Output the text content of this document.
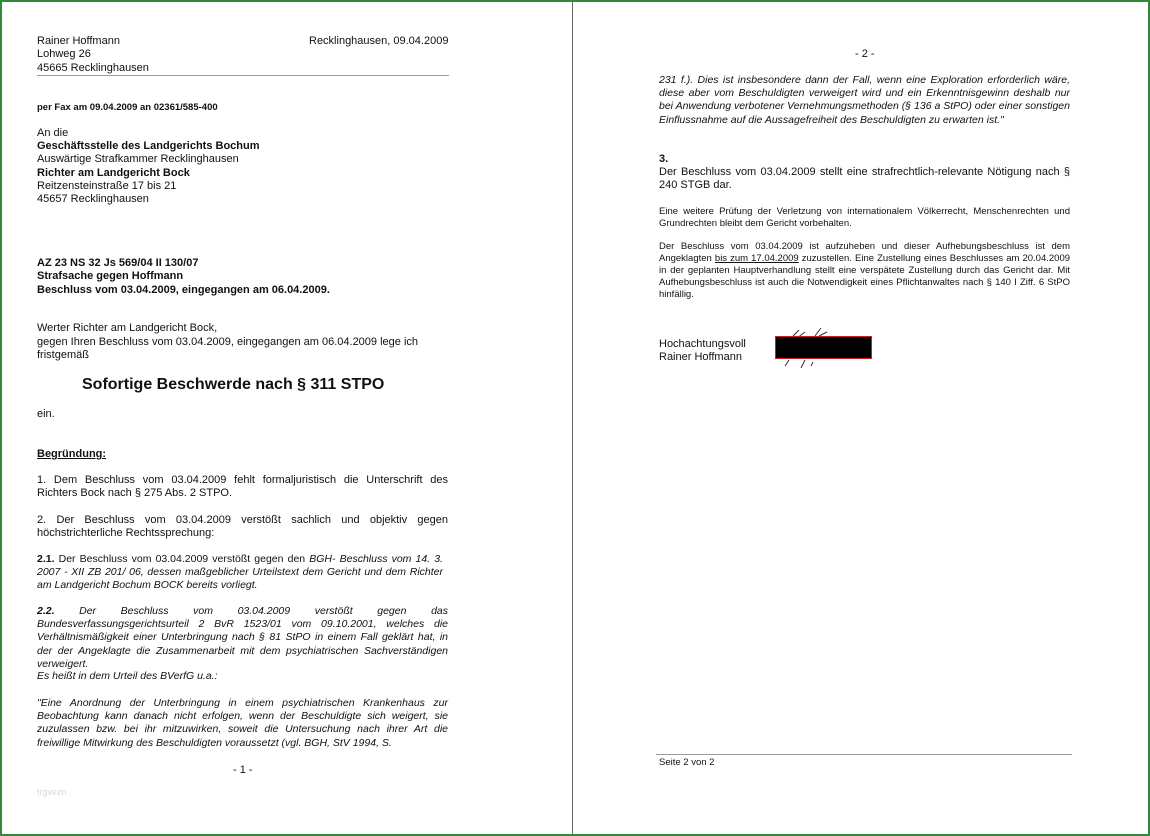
Rainer Hoffmann
Lohweg 26
45665 Recklinghausen
Recklinghausen, 09.04.2009
per Fax am 09.04.2009 an 02361/585-400
An die
Geschäftsstelle des Landgerichts Bochum
Auswärtige Strafkammer Recklinghausen
Richter am Landgericht Bock
Reitzensteinstraße 17 bis 21
45657 Recklinghausen
AZ 23 NS 32 Js 569/04 II 130/07
Strafsache gegen Hoffmann
Beschluss vom 03.04.2009, eingegangen am 06.04.2009.
Werter Richter am Landgericht Bock,
gegen Ihren Beschluss vom 03.04.2009, eingegangen am 06.04.2009 lege ich
fristgemäß
Sofortige Beschwerde nach § 311 STPO
ein.
Begründung:
1. Dem Beschluss vom 03.04.2009 fehlt formaljuristisch die Unterschrift des Richters Bock nach § 275 Abs. 2 STPO.
2. Der Beschluss vom 03.04.2009 verstößt sachlich und objektiv gegen höchstrichterliche Rechtssprechung:
2.1. Der Beschluss vom 03.04.2009 verstößt gegen den BGH- Beschluss vom 14. 3. 2007 - XII ZB 201/ 06, dessen maßgeblicher Urteilstext dem Gericht und dem Richter am Landgericht Bochum BOCK bereits vorliegt.
2.2. Der Beschluss vom 03.04.2009 verstößt gegen das Bundesverfassungsgerichtsurteil 2 BvR 1523/01 vom 09.10.2001, welches die Verhältnismäßigkeit einer Unterbringung nach § 81 StPO in einem Fall geklärt hat, in der der Angeklagte die Zusammenarbeit mit dem psychiatrischen Sachverständigen verweigert.
Es heißt in dem Urteil des BVerfG u.a.:
"Eine Anordnung der Unterbringung in einem psychiatrischen Krankenhaus zur Beobachtung kann danach nicht erfolgen, wenn der Beschuldigte sich weigert, sie zuzulassen bzw. bei ihr mitzuwirken, soweit die Untersuchung nach ihrer Art die freiwillige Mitwirkung des Beschuldigten voraussetzt (vgl. BGH, StV 1994, S.
- 1 -
trgvezn
- 2 -
231 f.). Dies ist insbesondere dann der Fall, wenn eine Exploration erforderlich wäre, diese aber vom Beschuldigten verweigert wird und ein Erkenntnisgewinn deshalb nur bei Anwendung verbotener Vernehmungsmethoden (§ 136 a StPO) oder einer sonstigen Einflussnahme auf die Aussagefreiheit des Beschuldigten zu erwarten ist."
3.
Der Beschluss vom 03.04.2009 stellt eine strafrechtlich-relevante Nötigung nach § 240 STGB dar.
Eine weitere Prüfung der Verletzung von internationalem Völkerrecht, Menschenrechten und Grundrechten bleibt dem Gericht vorbehalten.
Der Beschluss vom 03.04.2009 ist aufzuheben und dieser Aufhebungsbeschluss ist dem Angeklagten bis zum 17.04.2009 zuzustellen. Eine Zustellung eines Beschlusses am 20.04.2009 in der geplanten Hauptverhandlung stellt eine verspätete Zustellung durch das Gericht dar. Mit Aufhebungsbeschluss ist auch die Notwendigkeit eines Pflichtanwaltes nach § 140 I Ziff. 6 StPO hinfällig.
Hochachtungsvoll
Rainer Hoffmann
Seite 2 von 2
